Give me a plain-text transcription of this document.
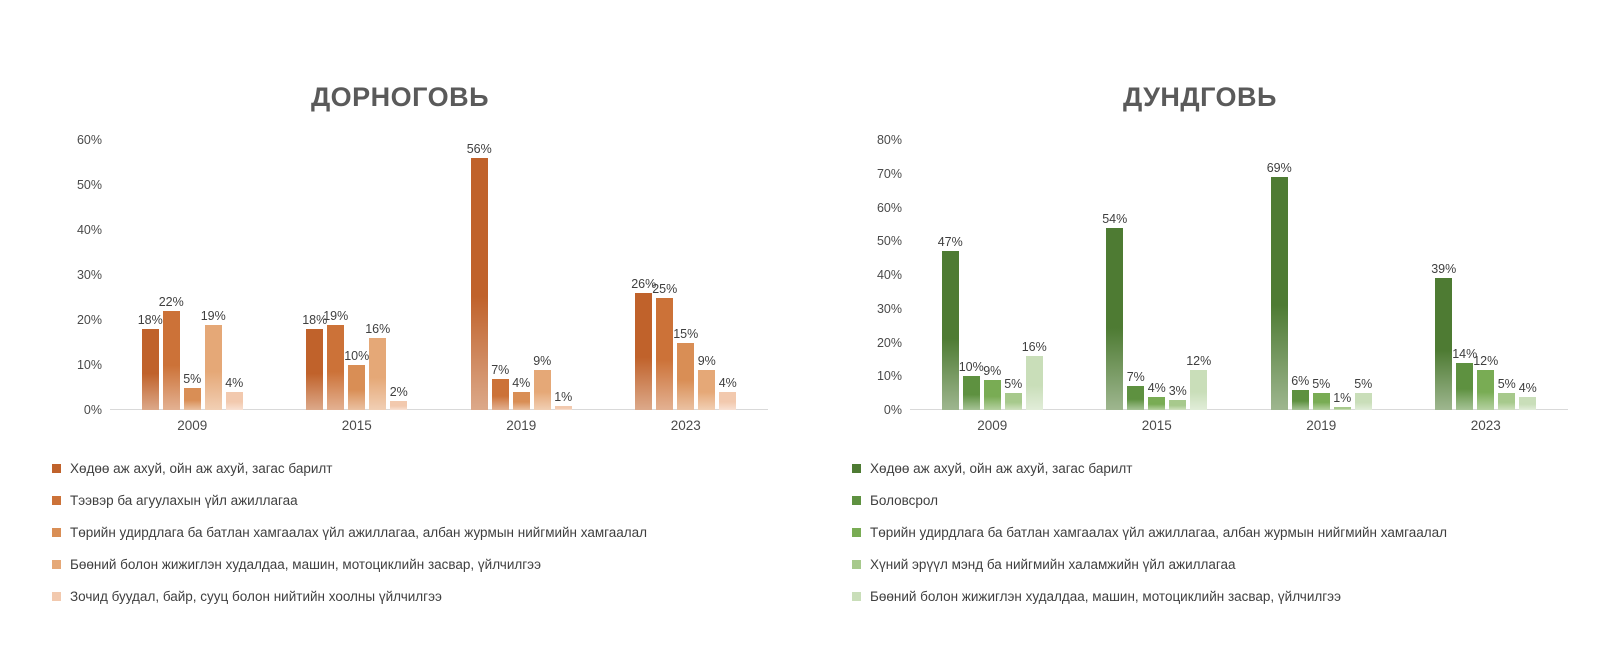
ДОРНОГОВЬ
0%
10%
20%
30%
40%
50%
60%
18%
22%
5%
19%
4%
18%
19%
10%
16%
2%
56%
7%
4%
9%
1%
26%
25%
15%
9%
4%
2009	2015	2019	2023
Хөдөө аж ахуй, ойн аж ахуй, загас барилт
Тээвэр ба агуулахын үйл ажиллагаа
Төрийн удирдлага ба батлан хамгаалах үйл ажиллагаа, албан журмын нийгмийн хамгаалал
Бөөний болон жижиглэн худалдаа, машин, мотоциклийн засвар, үйлчилгээ
Зочид буудал, байр, сууц болон нийтийн хоолны үйлчилгээ
ДУНДГОВЬ
0%
10%
20%
30%
40%
50%
60%
70%
80%
47%
10% 9%
5%
16%
54%
7%
4% 3%
12%
69%
6% 5%
1%
5%
39%
14%
12%
5% 4%
2009	2015	2019	2023
Хөдөө аж ахуй, ойн аж ахуй, загас барилт
Боловсрол
Төрийн удирдлага ба батлан хамгаалах үйл ажиллагаа, албан журмын нийгмийн хамгаалал
Хүний эрүүл мэнд ба нийгмийн халамжийн үйл ажиллагаа
Бөөний болон жижиглэн худалдаа, машин, мотоциклийн засвар, үйлчилгээ
